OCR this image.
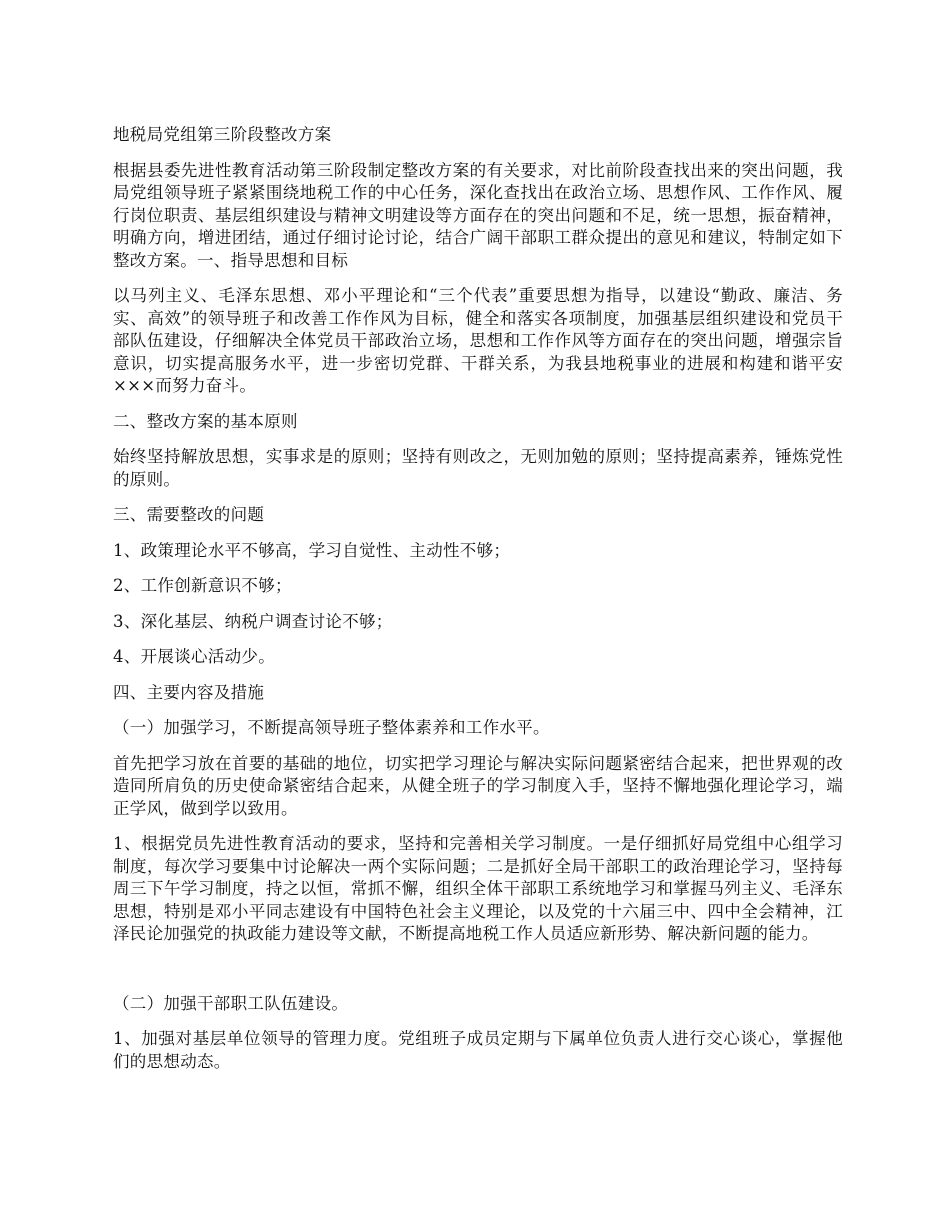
地税局党组第三阶段整改方案

根据县委先进性教育活动第三阶段制定整改方案的有关要求，对比前阶段查找出来的突出问题，我局党组领导班子紧紧围绕地税工作的中心任务，深化查找出在政治立场、思想作风、工作作风、履行岗位职责、基层组织建设与精神文明建设等方面存在的突出问题和不足，统一思想，振奋精神，明确方向，增进团结，通过仔细讨论讨论，结合广阔干部职工群众提出的意见和建议，特制定如下整改方案。一、指导思想和目标

以马列主义、毛泽东思想、邓小平理论和“三个代表”重要思想为指导，以建设“勤政、廉洁、务实、高效”的领导班子和改善工作作风为目标，健全和落实各项制度，加强基层组织建设和党员干部队伍建设，仔细解决全体党员干部政治立场，思想和工作作风等方面存在的突出问题，增强宗旨意识，切实提高服务水平，进一步密切党群、干群关系，为我县地税事业的进展和构建和谐平安×××而努力奋斗。

二、整改方案的基本原则

始终坚持解放思想，实事求是的原则；坚持有则改之，无则加勉的原则；坚持提高素养，锤炼党性的原则。

三、需要整改的问题

1、政策理论水平不够高，学习自觉性、主动性不够；

2、工作创新意识不够；

3、深化基层、纳税户调查讨论不够；

4、开展谈心活动少。

四、主要内容及措施

（一）加强学习，不断提高领导班子整体素养和工作水平。

首先把学习放在首要的基础的地位，切实把学习理论与解决实际问题紧密结合起来，把世界观的改造同所肩负的历史使命紧密结合起来，从健全班子的学习制度入手，坚持不懈地强化理论学习，端正学风，做到学以致用。

1、根据党员先进性教育活动的要求，坚持和完善相关学习制度。一是仔细抓好局党组中心组学习制度，每次学习要集中讨论解决一两个实际问题；二是抓好全局干部职工的政治理论学习，坚持每周三下午学习制度，持之以恒，常抓不懈，组织全体干部职工系统地学习和掌握马列主义、毛泽东思想，特别是邓小平同志建设有中国特色社会主义理论，以及党的十六届三中、四中全会精神，江泽民论加强党的执政能力建设等文献，不断提高地税工作人员适应新形势、解决新问题的能力。

（二）加强干部职工队伍建设。

1、加强对基层单位领导的管理力度。党组班子成员定期与下属单位负责人进行交心谈心，掌握他们的思想动态。
